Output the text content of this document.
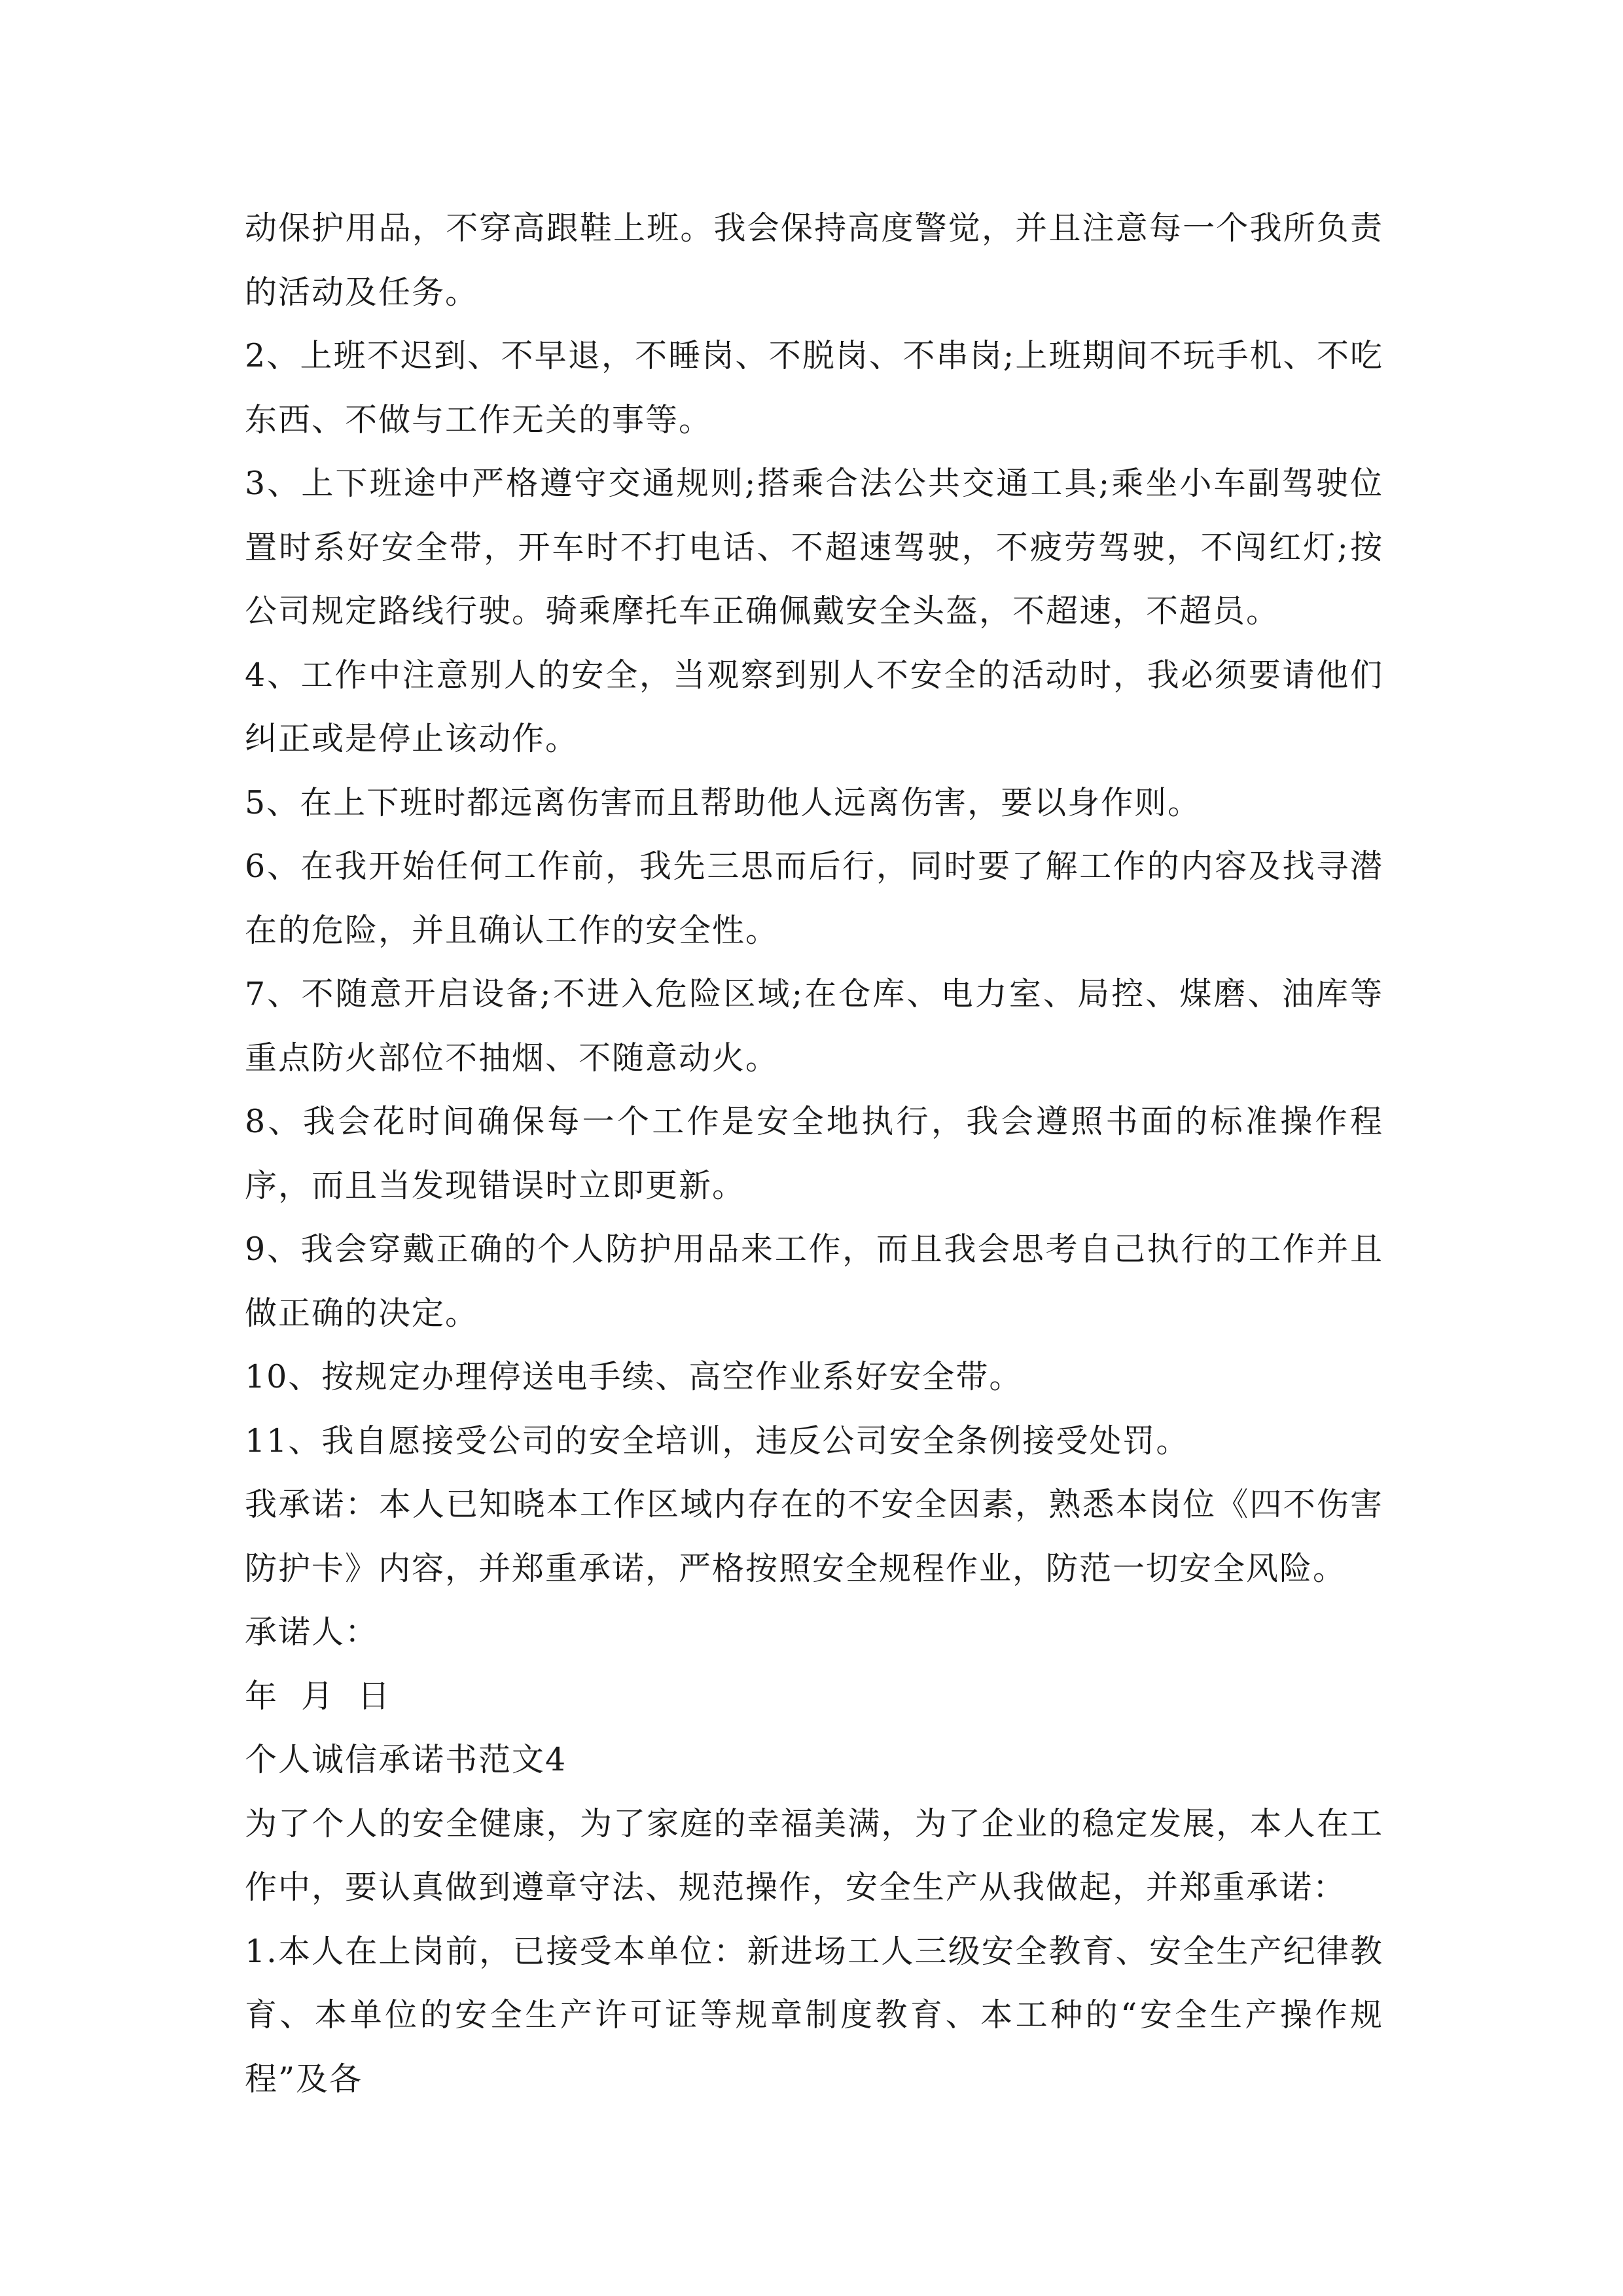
动保护用品，不穿高跟鞋上班。我会保持高度警觉，并且注意每一个我所负责的活动及任务。

2、上班不迟到、不早退，不睡岗、不脱岗、不串岗;上班期间不玩手机、不吃东西、不做与工作无关的事等。

3、上下班途中严格遵守交通规则;搭乘合法公共交通工具;乘坐小车副驾驶位置时系好安全带，开车时不打电话、不超速驾驶，不疲劳驾驶，不闯红灯;按公司规定路线行驶。骑乘摩托车正确佩戴安全头盔，不超速，不超员。

4、工作中注意别人的安全，当观察到别人不安全的活动时，我必须要请他们纠正或是停止该动作。

5、在上下班时都远离伤害而且帮助他人远离伤害，要以身作则。

6、在我开始任何工作前，我先三思而后行，同时要了解工作的内容及找寻潜在的危险，并且确认工作的安全性。

7、不随意开启设备;不进入危险区域;在仓库、电力室、局控、煤磨、油库等重点防火部位不抽烟、不随意动火。

8、我会花时间确保每一个工作是安全地执行，我会遵照书面的标准操作程序，而且当发现错误时立即更新。

9、我会穿戴正确的个人防护用品来工作，而且我会思考自己执行的工作并且做正确的决定。

10、按规定办理停送电手续、高空作业系好安全带。

11、我自愿接受公司的安全培训，违反公司安全条例接受处罚。

我承诺：本人已知晓本工作区域内存在的不安全因素，熟悉本岗位《四不伤害防护卡》内容，并郑重承诺，严格按照安全规程作业，防范一切安全风险。

承诺人：

年  月  日

个人诚信承诺书范文4

为了个人的安全健康，为了家庭的幸福美满，为了企业的稳定发展，本人在工作中，要认真做到遵章守法、规范操作，安全生产从我做起，并郑重承诺：

1.本人在上岗前，已接受本单位：新进场工人三级安全教育、安全生产纪律教育、本单位的安全生产许可证等规章制度教育、本工种的“安全生产操作规程”及各
